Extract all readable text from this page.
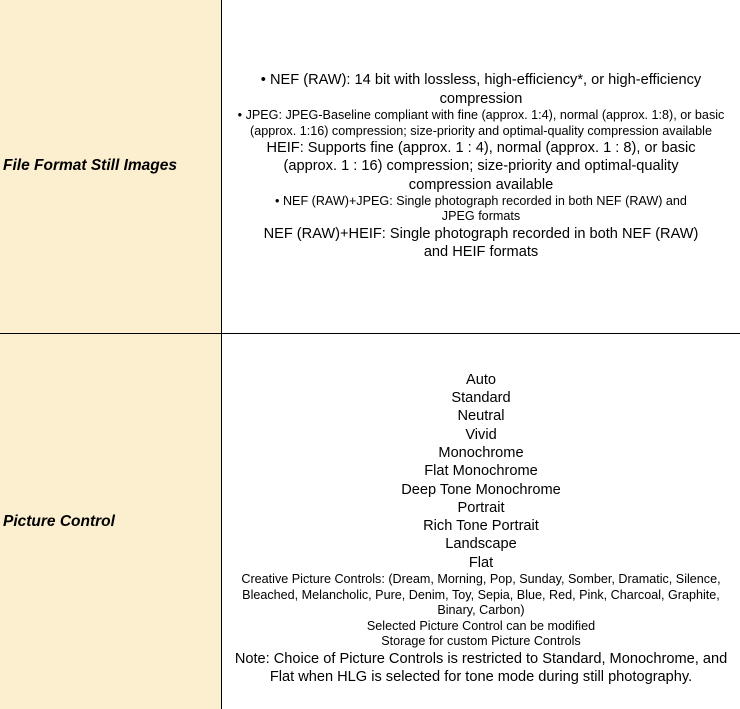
File Format Still Images
• NEF (RAW): 14 bit with lossless, high-efficiency*, or high-efficiency compression
• JPEG: JPEG-Baseline compliant with fine (approx. 1:4), normal (approx. 1:8), or basic (approx. 1:16) compression; size-priority and optimal-quality compression available
HEIF: Supports fine (approx. 1 : 4), normal (approx. 1 : 8), or basic (approx. 1 : 16) compression; size-priority and optimal-quality compression available
• NEF (RAW)+JPEG: Single photograph recorded in both NEF (RAW) and JPEG formats
NEF (RAW)+HEIF: Single photograph recorded in both NEF (RAW) and HEIF formats
Picture Control
Auto
Standard
Neutral
Vivid
Monochrome
Flat Monochrome
Deep Tone Monochrome
Portrait
Rich Tone Portrait
Landscape
Flat
Creative Picture Controls: (Dream, Morning, Pop, Sunday, Somber, Dramatic, Silence, Bleached, Melancholic, Pure, Denim, Toy, Sepia, Blue, Red, Pink, Charcoal, Graphite, Binary, Carbon)
Selected Picture Control can be modified
Storage for custom Picture Controls
Note: Choice of Picture Controls is restricted to Standard, Monochrome, and Flat when HLG is selected for tone mode during still photography.
